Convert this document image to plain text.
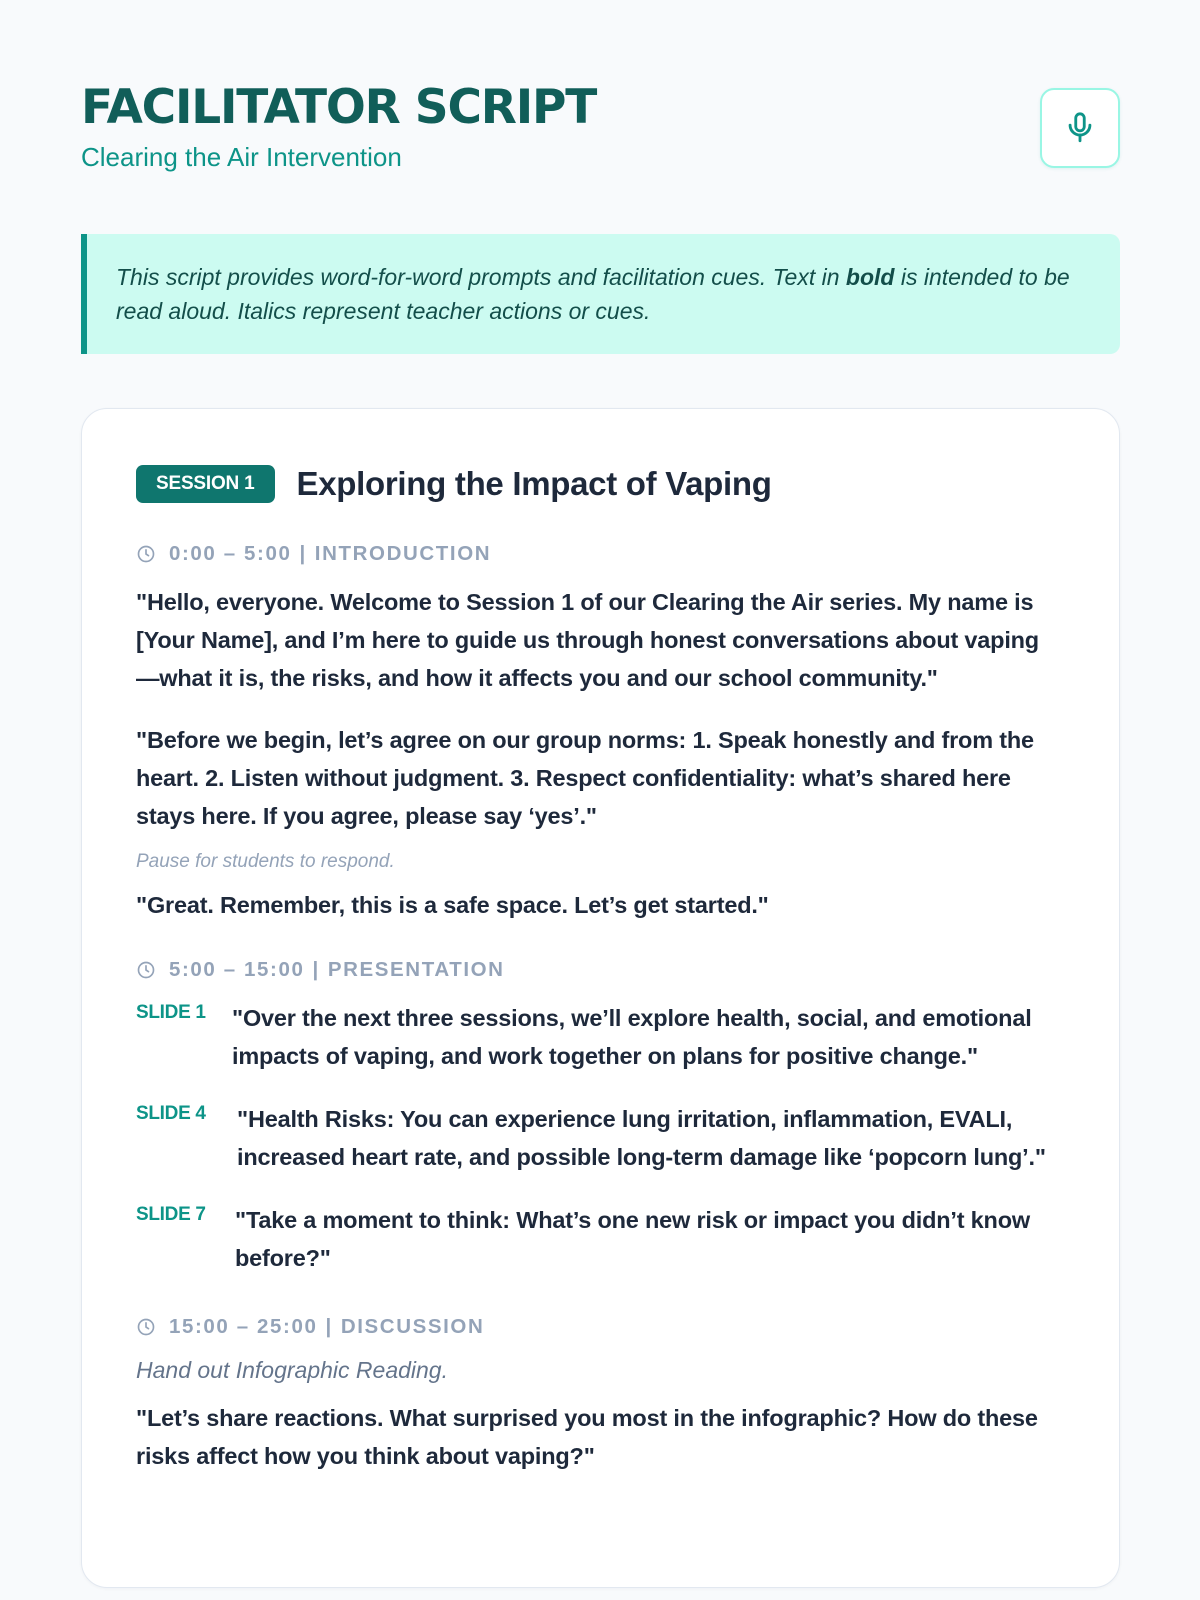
FACILITATOR SCRIPT
Clearing the Air Intervention
This script provides word-for-word prompts and facilitation cues. Text in bold is intended to be read aloud. Italics represent teacher actions or cues.
SESSION 1	Exploring the Impact of Vaping
0:00 – 5:00 | INTRODUCTION

"Hello, everyone. Welcome to Session 1 of our Clearing the Air series. My name is [Your Name], and I’m here to guide us through honest conversations about vaping —what it is, the risks, and how it affects you and our school community."

"Before we begin, let’s agree on our group norms: 1. Speak honestly and from the heart. 2. Listen without judgment. 3. Respect confidentiality: what’s shared here stays here. If you agree, please say ‘yes’."

Pause for students to respond.

"Great. Remember, this is a safe space. Let’s get started."

5:00 – 15:00 | PRESENTATION
SLIDE 1	"Over the next three sessions, we’ll explore health, social, and emotional impacts of vaping, and work together on plans for positive change."

SLIDE 4	"Health Risks: You can experience lung irritation, inflammation, EVALI, increased heart rate, and possible long-term damage like ‘popcorn lung’."

SLIDE 7	"Take a moment to think: What’s one new risk or impact you didn’t know before?"

15:00 – 25:00 | DISCUSSION
Hand out Infographic Reading.

"Let’s share reactions. What surprised you most in the infographic? How do these risks affect how you think about vaping?"
